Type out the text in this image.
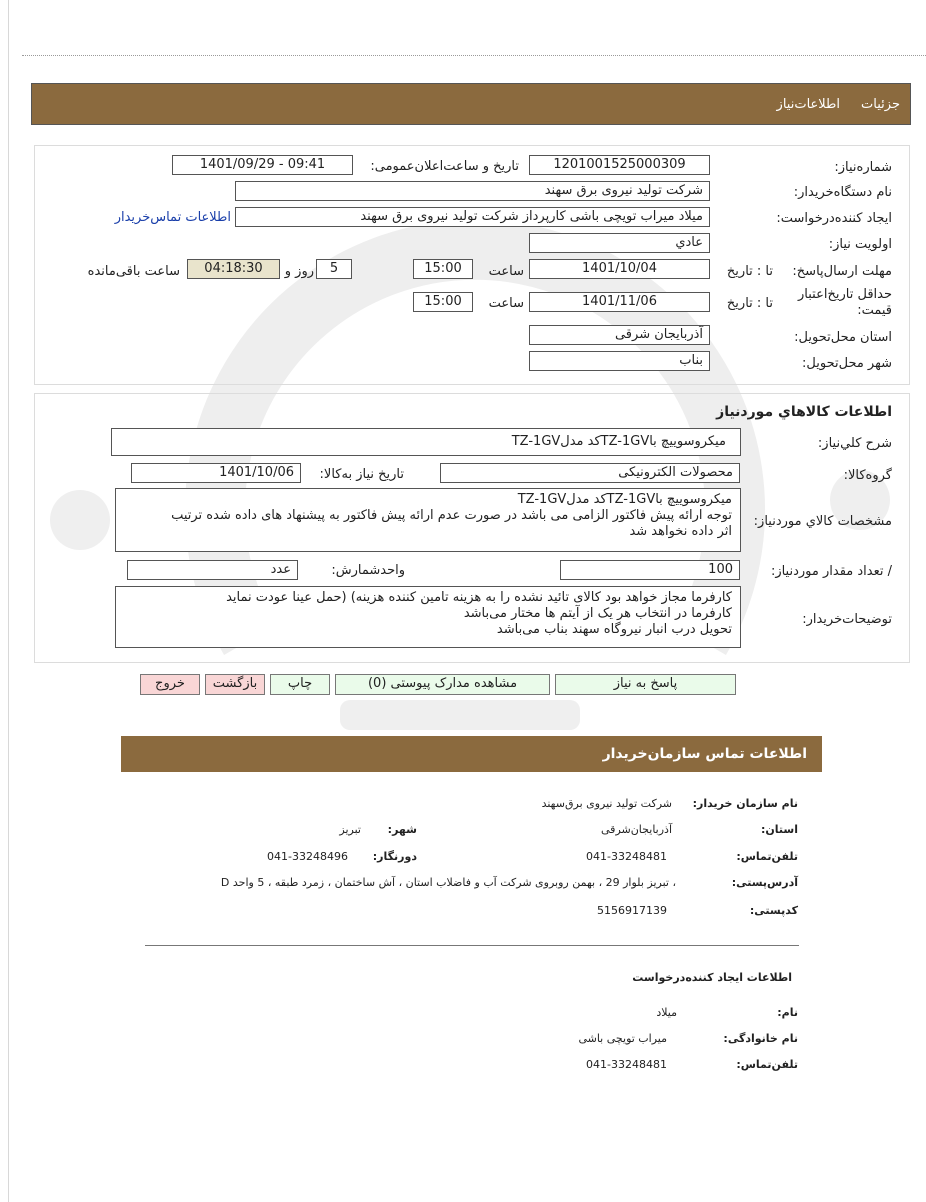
جزئیات
اطلاعات‌نیاز
شماره‌نیاز:
1201001525000309
تاریخ و ساعت‌اعلان‌عمومی:
1401/09/29 - 09:41
نام دستگاه‌خریدار:
شرکت تولید نیروی برق سهند
ایجاد کننده‌درخواست:
میلاد میراب تویچی باشی کارپرداز شرکت تولید نیروی برق سهند
اطلاعات تماس‌خریدار
اولویت نیاز:
عادي
مهلت ارسال‌پاسخ:
تا : تاریخ
1401/10/04
ساعت
15:00
5
روز و
04:18:30
ساعت باقی‌مانده
حداقل تاریخ‌اعتبار
قیمت:
تا : تاریخ
1401/11/06
ساعت
15:00
استان محل‌تحویل:
آذربایجان شرقی
شهر محل‌تحویل:
بناب
اطلاعات کالاهاي موردنياز
شرح کلي‌نياز:
میکروسوییچ باTZ-1GVکد مدلTZ-1GV
گروه‌کالا:
محصولات الکترونیکی
تاریخ نیاز به‌کالا:
1401/10/06
مشخصات کالاي موردنياز:
میکروسوییچ باTZ-1GVکد مدلTZ-1GV
توجه ارائه پیش فاکتور الزامی می باشد در صورت عدم ارائه پیش فاکتور به پیشنهاد های داده شده ترتیب
اثر داده نخواهد شد
/ تعداد مقدار موردنياز:
100
واحد‌شمارش:
عدد
توضيحات‌خريدار:
کارفرما مجاز خواهد بود کالای تائید نشده را به هزینه تامین کننده هزینه) (حمل عینا عودت نماید
کارفرما در انتخاب هر یک از آیتم ها مختار می‌باشد
تحویل درب انبار نیروگاه سهند بناب می‌باشد
پاسخ به نیاز
مشاهده مدارک پیوستی (0)
چاپ
بازگشت
خروج
اطلاعات تماس سازمان‌خریدار
نام سازمان خریدار:
شرکت تولید نیروی برق‌سهند
استان:
آذربایجان‌شرقی
شهر:
تبریز
تلفن‌تماس:
041-33248481
دورنگار:
041-33248496
آدرس‌پستی:
، تبریز بلوار 29 ، بهمن روبروی شرکت آب و فاضلاب استان ، آش ساختمان ، زمرد طبقه ، 5 واحد D
کد‌پستی:
5156917139
اطلاعات ایجاد کننده‌درخواست
نام:
میلاد
نام خانوادگی:
میراب تویچی باشی
تلفن‌تماس:
041-33248481
